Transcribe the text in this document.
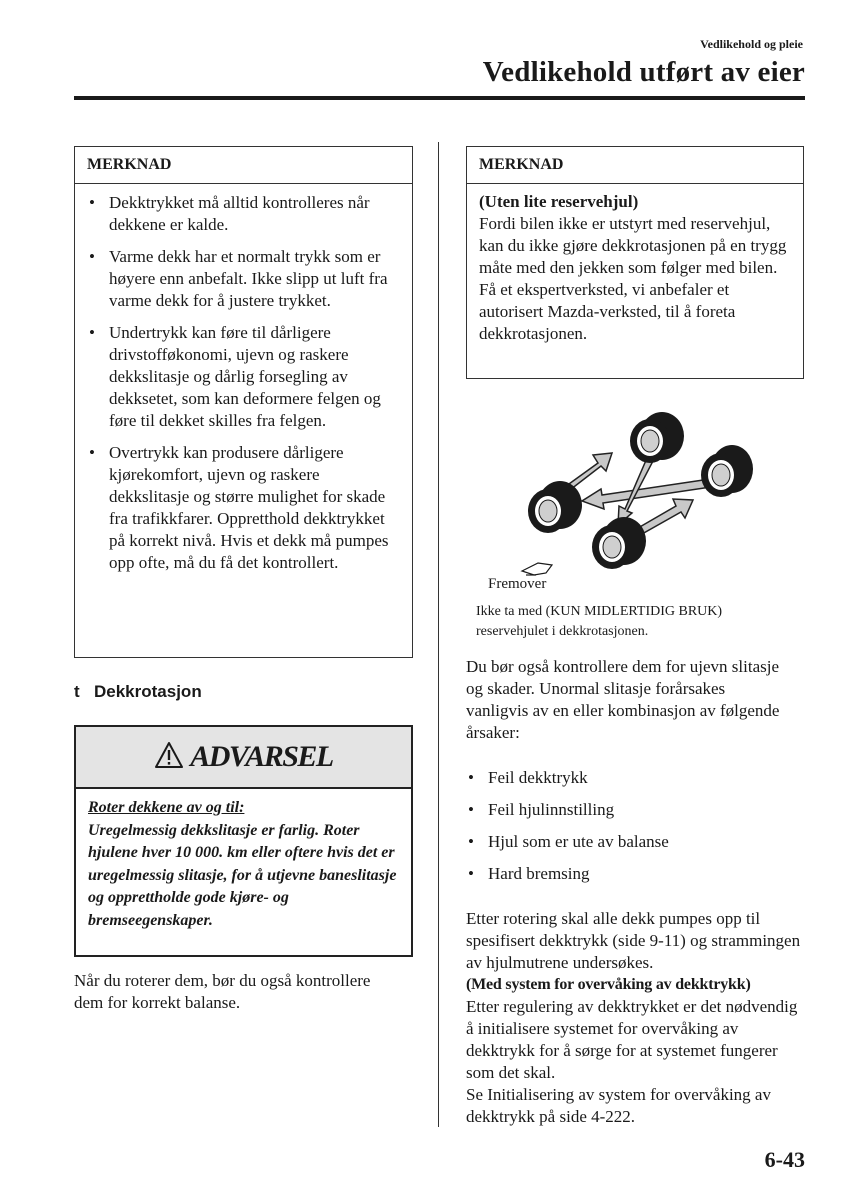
Vedlikehold og pleie
Vedlikehold utført av eier
MERKNAD
• Dekktrykket må alltid kontrolleres når dekkene er kalde.
• Varme dekk har et normalt trykk som er høyere enn anbefalt. Ikke slipp ut luft fra varme dekk for å justere trykket.
• Undertrykk kan føre til dårligere drivstofføkonomi, ujevn og raskere dekkslitasje og dårlig forsegling av dekksetet, som kan deformere felgen og føre til dekket skilles fra felgen.
• Overtrykk kan produsere dårligere kjørekomfort, ujevn og raskere dekkslitasje og større mulighet for skade fra trafikkfarer. Oppretthold dekktrykket på korrekt nivå. Hvis et dekk må pumpes opp ofte, må du få det kontrollert.
t Dekkrotasjon
ADVARSEL
Roter dekkene av og til:
Uregelmessig dekkslitasje er farlig. Roter hjulene hver 10 000. km eller oftere hvis det er uregelmessig slitasje, for å utjevne baneslitasje og opprettholde gode kjøre- og bremseegenskaper.
Når du roterer dem, bør du også kontrollere dem for korrekt balanse.
MERKNAD
(Uten lite reservehjul)
Fordi bilen ikke er utstyrt med reservehjul, kan du ikke gjøre dekkrotasjonen på en trygg måte med den jekken som følger med bilen. Få et ekspertverksted, vi anbefaler et autorisert Mazda-verksted, til å foreta dekkrotasjonen.
Fremover
Ikke ta med (KUN MIDLERTIDIG BRUK) reservehjulet i dekkrotasjonen.
Du bør også kontrollere dem for ujevn slitasje og skader. Unormal slitasje forårsakes vanligvis av en eller kombinasjon av følgende årsaker:
• Feil dekktrykk
• Feil hjulinnstilling
• Hjul som er ute av balanse
• Hard bremsing
Etter rotering skal alle dekk pumpes opp til spesifisert dekktrykk (side 9-11) og strammingen av hjulmutrene undersøkes.
(Med system for overvåking av dekktrykk)
Etter regulering av dekktrykket er det nødvendig å initialisere systemet for overvåking av dekktrykk for å sørge for at systemet fungerer som det skal.
Se Initialisering av system for overvåking av dekktrykk på side 4-222.
6-43
